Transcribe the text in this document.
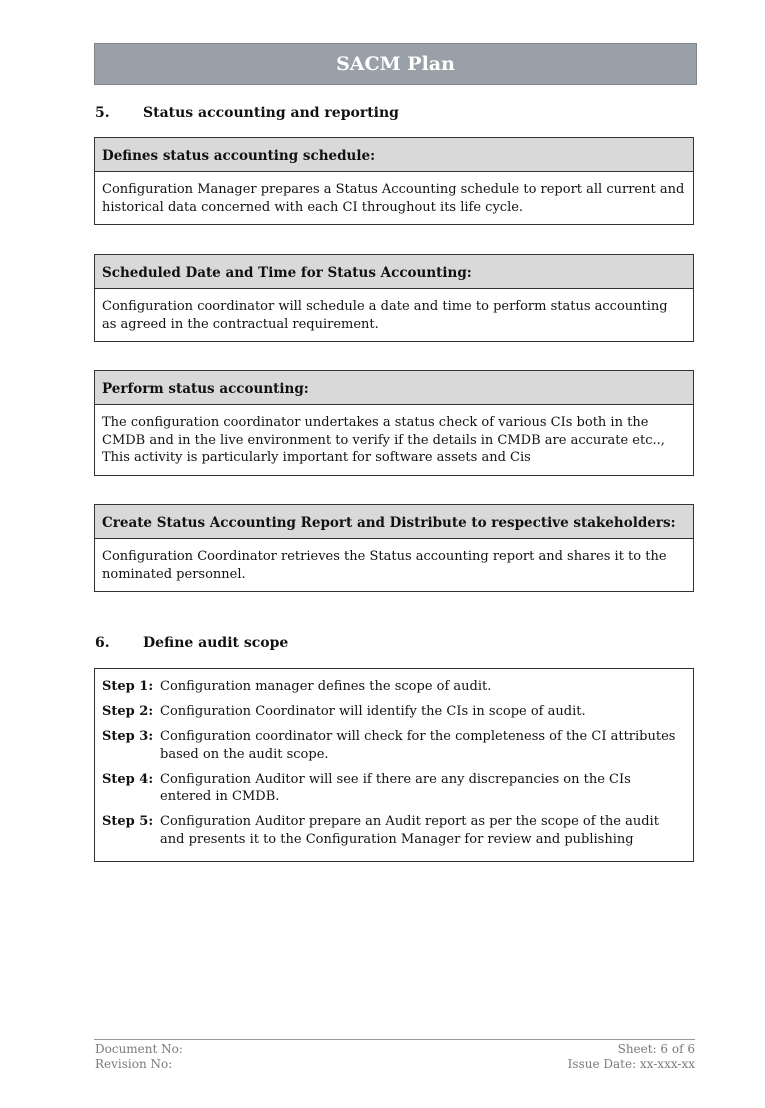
SACM Plan
5.	Status accounting and reporting
Defines status accounting schedule:
Configuration Manager prepares a Status Accounting schedule to report all current and historical data concerned with each CI throughout its life cycle.
Scheduled Date and Time for Status Accounting:
Configuration coordinator will schedule a date and time to perform status accounting as agreed in the contractual requirement.
Perform status accounting:
The configuration coordinator undertakes a status check of various CIs both in the CMDB and in the live environment to verify if the details in CMDB are accurate etc.., This activity is particularly important for software assets and Cis
Create Status Accounting Report and Distribute to respective stakeholders:
Configuration Coordinator retrieves the Status accounting report and shares it to the nominated personnel.
6.	Define audit scope
Step 1: Configuration manager defines the scope of audit.
Step 2: Configuration Coordinator will identify the CIs in scope of audit.
Step 3: Configuration coordinator will check for the completeness of the CI attributes based on the audit scope.
Step 4: Configuration Auditor will see if there are any discrepancies on the CIs entered in CMDB.
Step 5: Configuration Auditor prepare an Audit report as per the scope of the audit and presents it to the Configuration Manager for review and publishing
Document No:
Revision No:
Sheet: 6 of 6
Issue Date: xx-xxx-xx
